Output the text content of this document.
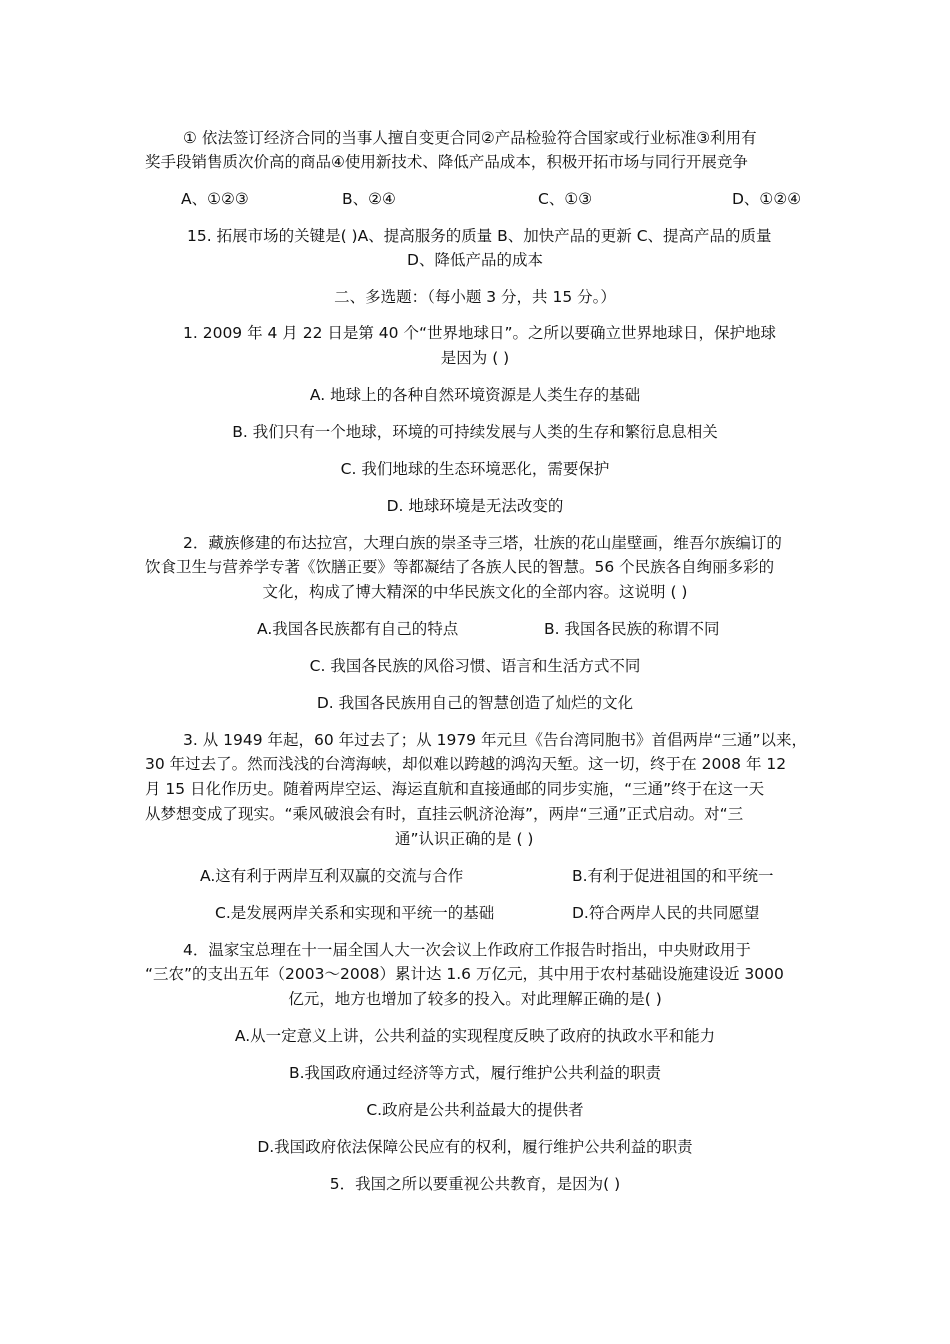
① 依法签订经济合同的当事人擅自变更合同②产品检验符合国家或行业标准③利用有
奖手段销售质次价高的商品④使用新技术、降低产品成本，积极开拓市场与同行开展竞争
A、①②③	B、②④	C、①③	D、①②④
15. 拓展市场的关键是( )A、提高服务的质量 B、加快产品的更新 C、提高产品的质量
D、降低产品的成本
二、多选题：（每小题 3 分，共 15 分。）
1. 2009 年 4 月 22 日是第 40 个“世界地球日”。之所以要确立世界地球日，保护地球
是因为 ( )
A. 地球上的各种自然环境资源是人类生存的基础
B. 我们只有一个地球，环境的可持续发展与人类的生存和繁衍息息相关
C. 我们地球的生态环境恶化，需要保护
D. 地球环境是无法改变的
2．藏族修建的布达拉宫，大理白族的崇圣寺三塔，壮族的花山崖壁画，维吾尔族编订的
饮食卫生与营养学专著《饮膳正要》等都凝结了各族人民的智慧。56 个民族各自绚丽多彩的
文化，构成了博大精深的中华民族文化的全部内容。这说明 ( )
A.我国各民族都有自己的特点	B. 我国各民族的称谓不同
C. 我国各民族的风俗习惯、语言和生活方式不同
D. 我国各民族用自己的智慧创造了灿烂的文化
3. 从 1949 年起，60 年过去了；从 1979 年元旦《告台湾同胞书》首倡两岸“三通”以来，
30 年过去了。然而浅浅的台湾海峡，却似难以跨越的鸿沟天堑。这一切，终于在 2008 年 12
月 15 日化作历史。随着两岸空运、海运直航和直接通邮的同步实施，“三通”终于在这一天
从梦想变成了现实。“乘风破浪会有时，直挂云帆济沧海”，两岸“三通”正式启动。对“三
通”认识正确的是 ( )
A.这有利于两岸互利双赢的交流与合作	B.有利于促进祖国的和平统一
C.是发展两岸关系和实现和平统一的基础	D.符合两岸人民的共同愿望
4．温家宝总理在十一届全国人大一次会议上作政府工作报告时指出，中央财政用于
“三农”的支出五年（2003～2008）累计达 1.6 万亿元，其中用于农村基础设施建设近 3000
亿元，地方也增加了较多的投入。对此理解正确的是( )
A.从一定意义上讲，公共利益的实现程度反映了政府的执政水平和能力
B.我国政府通过经济等方式，履行维护公共利益的职责
C.政府是公共利益最大的提供者
D.我国政府依法保障公民应有的权利，履行维护公共利益的职责
5．我国之所以要重视公共教育，是因为( )
